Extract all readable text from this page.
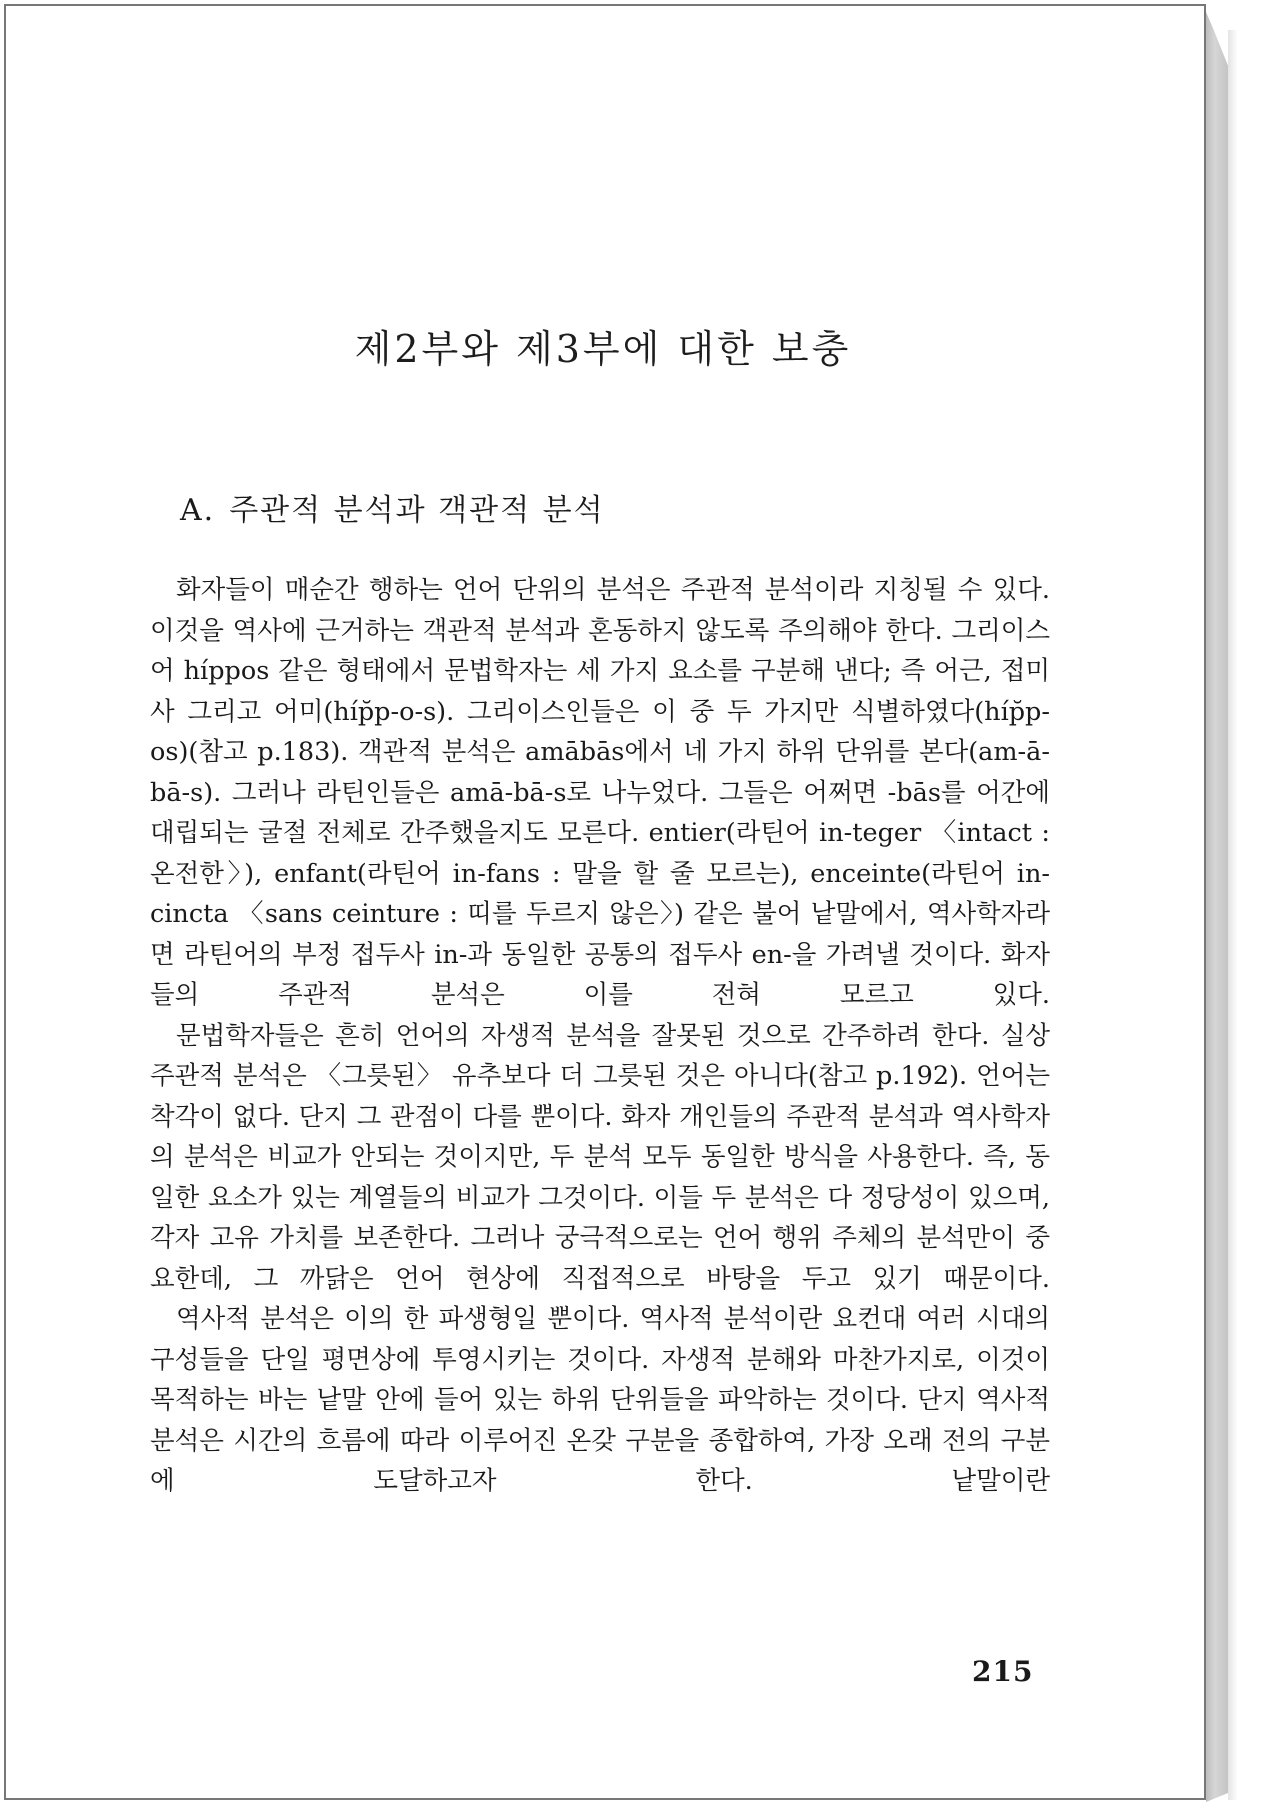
제2부와 제3부에 대한 보충
A. 주관적 분석과 객관적 분석

화자들이 매순간 행하는 언어 단위의 분석은 주관적 분석이라 지칭될 수 있다. 이것을 역사에 근거하는 객관적 분석과 혼동하지 않도록 주의해야 한다. 그리이스어 híppos 같은 형태에서 문법학자는 세 가지 요소를 구분해 낸다; 즉 어근, 접미사 그리고 어미(híp̆p-o-s). 그리이스인들은 이 중 두 가지만 식별하였다(híp̆p-os)(참고 p.183). 객관적 분석은 amābās에서 네 가지 하위 단위를 본다(am-ā-bā-s). 그러나 라틴인들은 amā-bā-s로 나누었다. 그들은 어쩌면 -bās를 어간에 대립되는 굴절 전체로 간주했을지도 모른다. entier(라틴어 in-teger 〈intact : 온전한〉), enfant(라틴어 in-fans : 말을 할 줄 모르는), enceinte(라틴어 in-cincta 〈sans ceinture : 띠를 두르지 않은〉) 같은 불어 낱말에서, 역사학자라면 라틴어의 부정 접두사 in-과 동일한 공통의 접두사 en-을 가려낼 것이다. 화자들의 주관적 분석은 이를 전혀 모르고 있다.

문법학자들은 흔히 언어의 자생적 분석을 잘못된 것으로 간주하려 한다. 실상 주관적 분석은 〈그릇된〉 유추보다 더 그릇된 것은 아니다(참고 p.192). 언어는 착각이 없다. 단지 그 관점이 다를 뿐이다. 화자 개인들의 주관적 분석과 역사학자의 분석은 비교가 안되는 것이지만, 두 분석 모두 동일한 방식을 사용한다. 즉, 동일한 요소가 있는 계열들의 비교가 그것이다. 이들 두 분석은 다 정당성이 있으며, 각자 고유 가치를 보존한다. 그러나 궁극적으로는 언어 행위 주체의 분석만이 중요한데, 그 까닭은 언어 현상에 직접적으로 바탕을 두고 있기 때문이다.

역사적 분석은 이의 한 파생형일 뿐이다. 역사적 분석이란 요컨대 여러 시대의 구성들을 단일 평면상에 투영시키는 것이다. 자생적 분해와 마찬가지로, 이것이 목적하는 바는 낱말 안에 들어 있는 하위 단위들을 파악하는 것이다. 단지 역사적 분석은 시간의 흐름에 따라 이루어진 온갖 구분을 종합하여, 가장 오래 전의 구분에 도달하고자 한다. 낱말이란

215
